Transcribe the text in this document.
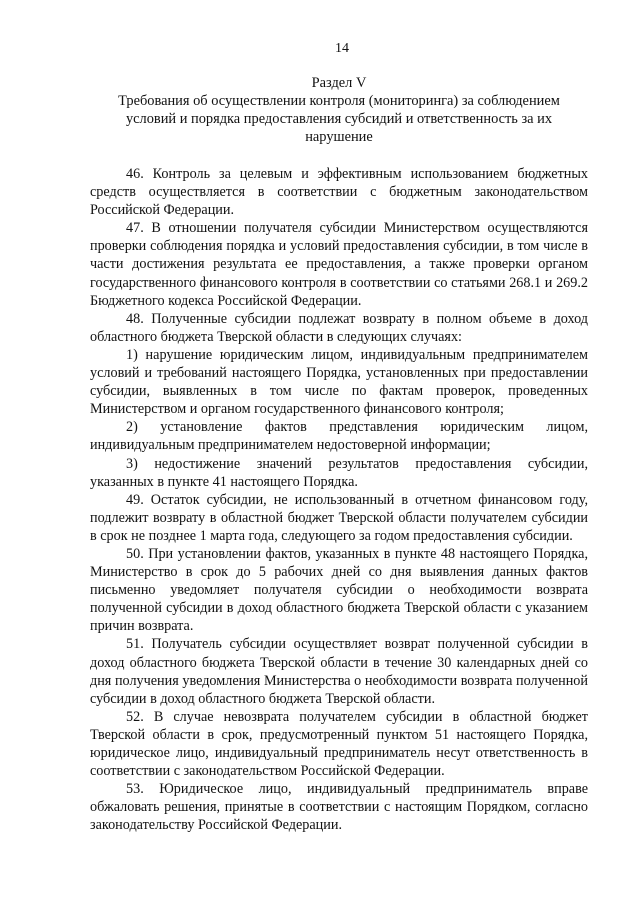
14
Раздел V
Требования об осуществлении контроля (мониторинга) за соблюдением условий и порядка предоставления субсидий и ответственность за их нарушение

46. Контроль за целевым и эффективным использованием бюджетных средств осуществляется в соответствии с бюджетным законодательством Российской Федерации.

47. В отношении получателя субсидии Министерством осуществляются проверки соблюдения порядка и условий предоставления субсидии, в том числе в части достижения результата ее предоставления, а также проверки органом государственного финансового контроля в соответствии со статьями 268.1 и 269.2 Бюджетного кодекса Российской Федерации.

48. Полученные субсидии подлежат возврату в полном объеме в доход областного бюджета Тверской области в следующих случаях:

1) нарушение юридическим лицом, индивидуальным предпринимателем условий и требований настоящего Порядка, установленных при предоставлении субсидии, выявленных в том числе по фактам проверок, проведенных Министерством и органом государственного финансового контроля;

2) установление фактов представления юридическим лицом, индивидуальным предпринимателем недостоверной информации;

3) недостижение значений результатов предоставления субсидии, указанных в пункте 41 настоящего Порядка.

49. Остаток субсидии, не использованный в отчетном финансовом году, подлежит возврату в областной бюджет Тверской области получателем субсидии в срок не позднее 1 марта года, следующего за годом предоставления субсидии.

50. При установлении фактов, указанных в пункте 48 настоящего Порядка, Министерство в срок до 5 рабочих дней со дня выявления данных фактов письменно уведомляет получателя субсидии о необходимости возврата полученной субсидии в доход областного бюджета Тверской области с указанием причин возврата.

51. Получатель субсидии осуществляет возврат полученной субсидии в доход областного бюджета Тверской области в течение 30 календарных дней со дня получения уведомления Министерства о необходимости возврата полученной субсидии в доход областного бюджета Тверской области.

52. В случае невозврата получателем субсидии в областной бюджет Тверской области в срок, предусмотренный пунктом 51 настоящего Порядка, юридическое лицо, индивидуальный предприниматель несут ответственность в соответствии с законодательством Российской Федерации.

53. Юридическое лицо, индивидуальный предприниматель вправе обжаловать решения, принятые в соответствии с настоящим Порядком, согласно законодательству Российской Федерации.
